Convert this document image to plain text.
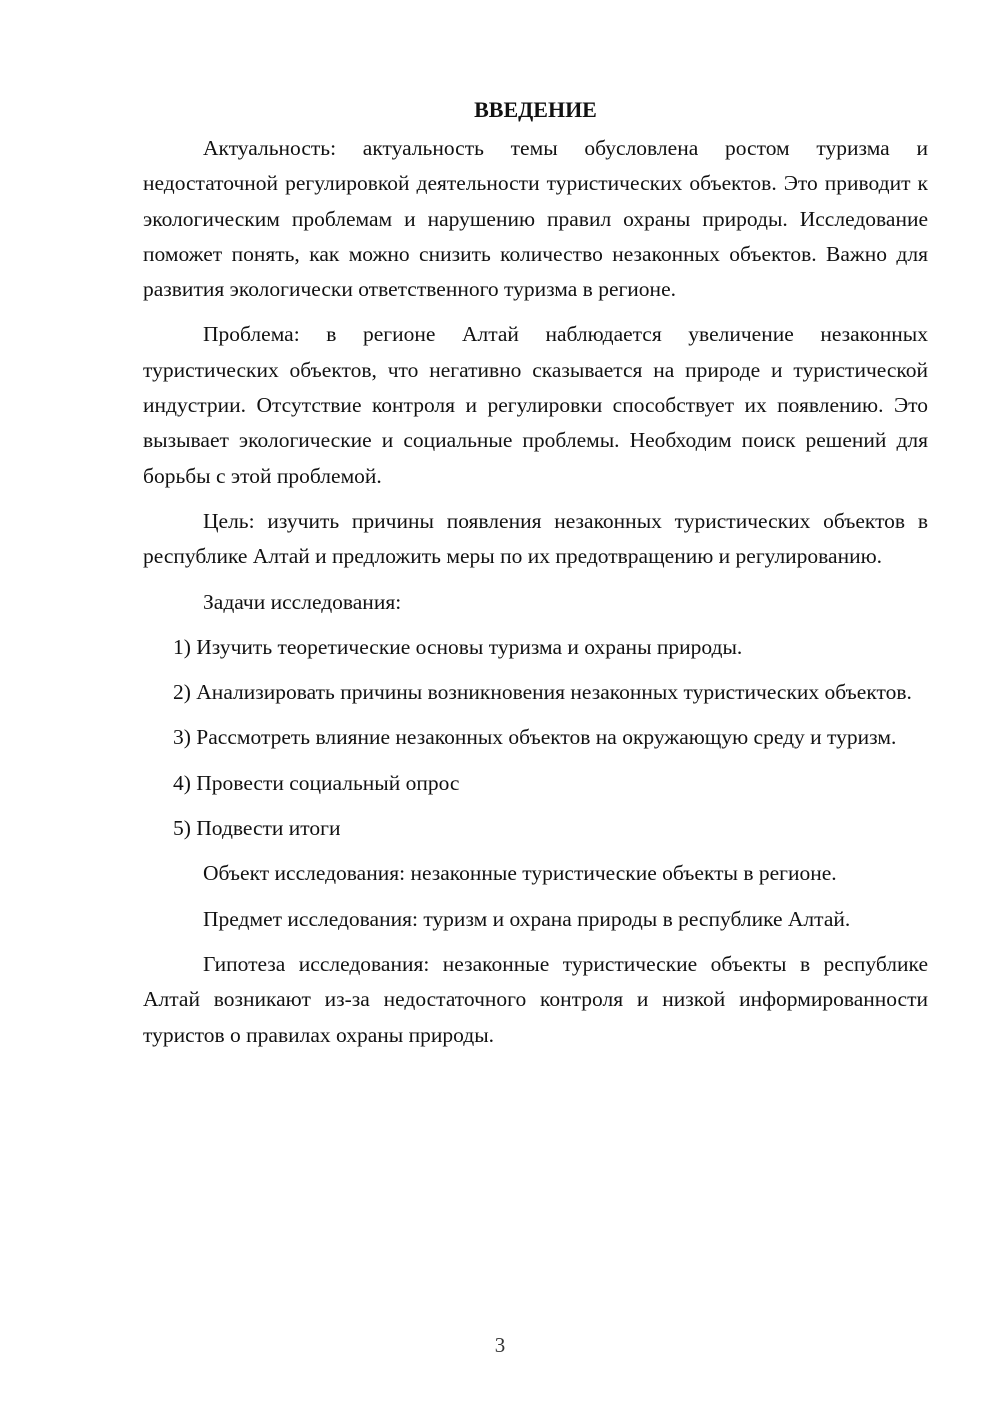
ВВЕДЕНИЕ

Актуальность: актуальность темы обусловлена ростом туризма и недостаточной регулировкой деятельности туристических объектов. Это приводит к экологическим проблемам и нарушению правил охраны природы. Исследование поможет понять, как можно снизить количество незаконных объектов. Важно для развития экологически ответственного туризма в регионе.

Проблема: в регионе Алтай наблюдается увеличение незаконных туристических объектов, что негативно сказывается на природе и туристической индустрии. Отсутствие контроля и регулировки способствует их появлению. Это вызывает экологические и социальные проблемы. Необходим поиск решений для борьбы с этой проблемой.

Цель: изучить причины появления незаконных туристических объектов в республике Алтай и предложить меры по их предотвращению и регулированию.

Задачи исследования:

1) Изучить теоретические основы туризма и охраны природы.

2) Анализировать причины возникновения незаконных туристических объектов.

3) Рассмотреть влияние незаконных объектов на окружающую среду и туризм.

4) Провести социальный опрос

5) Подвести итоги

Объект исследования: незаконные туристические объекты в регионе.

Предмет исследования: туризм и охрана природы в республике Алтай.

Гипотеза исследования: незаконные туристические объекты в республике Алтай возникают из-за недостаточного контроля и низкой информированности туристов о правилах охраны природы.

3
